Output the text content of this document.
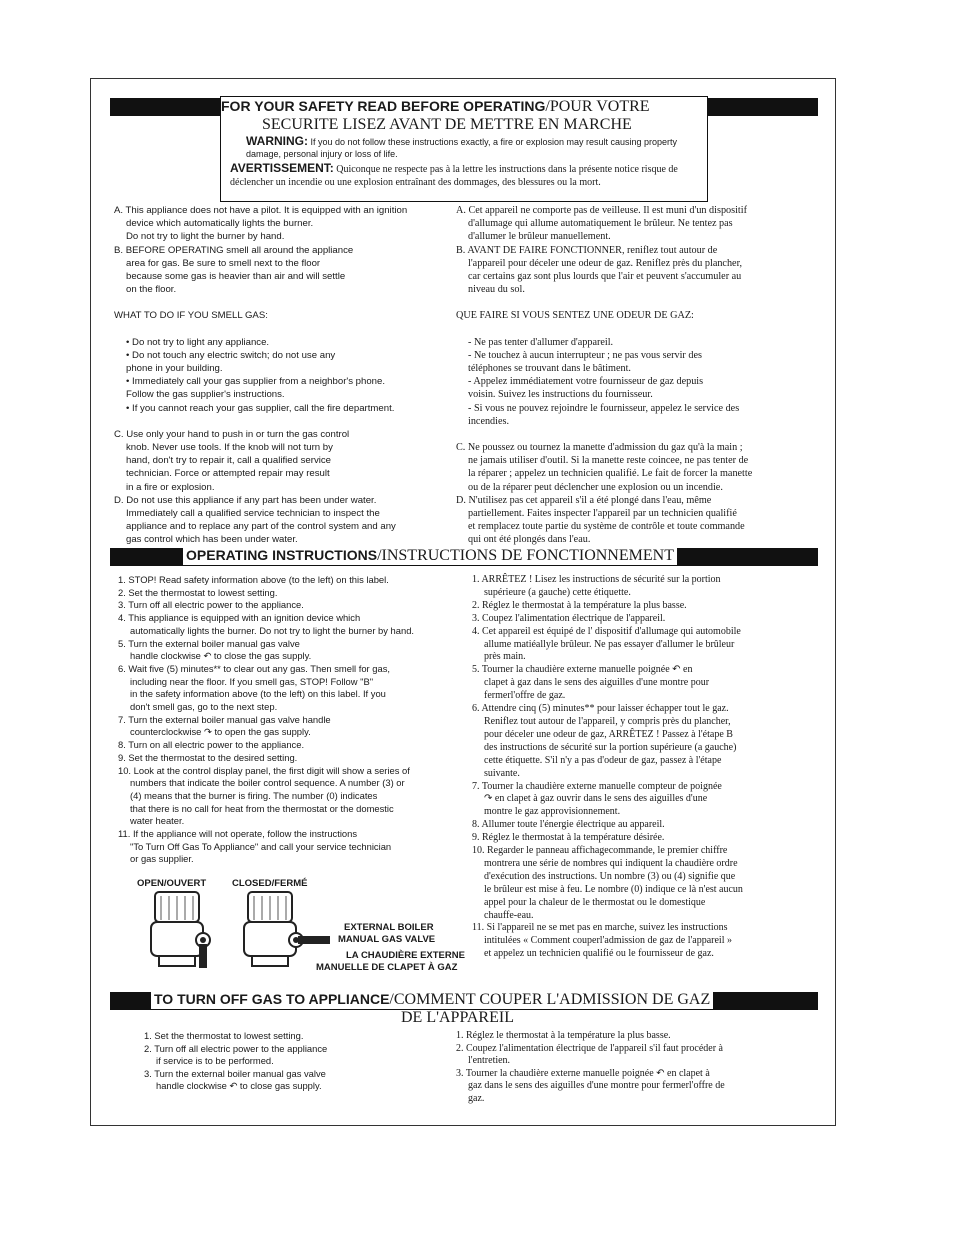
FOR YOUR SAFETY READ BEFORE OPERATING/POUR VOTRE
SECURITE LISEZ AVANT DE METTRE EN MARCHE
WARNING: If you do not follow these instructions exactly, a fire or explosion may result causing property damage, personal injury or loss of life.
AVERTISSEMENT: Quiconque ne respecte pas à la lettre les instructions dans la présente notice risque de déclencher un incendie ou une explosion entraînant des dommages, des blessures ou la mort.
A. This appliance does not have a pilot. It is equipped with an ignition
device which automatically lights the burner.
Do not try to light the burner by hand.
B. BEFORE OPERATING smell all around the appliance
area for gas. Be sure to smell next to the floor
because some gas is heavier than air and will settle
on the floor.
WHAT TO DO IF YOU SMELL GAS:
• Do not try to light any appliance.
• Do not touch any electric switch; do not use any
phone in your building.
• Immediately call your gas supplier from a neighbor's phone.
Follow the gas supplier's instructions.
• If you cannot reach your gas supplier, call the fire department.
C. Use only your hand to push in or turn the gas control
knob. Never use tools. If the knob will not turn by
hand, don't try to repair it, call a qualified service
technician. Force or attempted repair may result
in a fire or explosion.
D. Do not use this appliance if any part has been under water.
Immediately call a qualified service technician to inspect the
appliance and to replace any part of the control system and any
gas control which has been under water.
A. Cet appareil ne comporte pas de veilleuse. Il est muni d'un dispositif
d'allumage qui allume automatiquement le brûleur. Ne tentez pas
d'allumer le brûleur manuellement.
B. AVANT DE FAIRE FONCTIONNER, reniflez tout autour de
l'appareil pour déceler une odeur de gaz. Reniflez près du plancher,
car certains gaz sont plus lourds que l'air et peuvent s'accumuler au
niveau du sol.
QUE FAIRE SI VOUS SENTEZ UNE ODEUR DE GAZ:
- Ne pas tenter d'allumer d'appareil.
- Ne touchez à aucun interrupteur ; ne pas vous servir des
téléphones se trouvant dans le bâtiment.
- Appelez immédiatement votre fournisseur de gaz depuis
voisin. Suivez les instructions du fournisseur.
- Si vous ne pouvez rejoindre le fournisseur, appelez le service des
incendies.
C. Ne poussez ou tournez la manette d'admission du gaz qu'à la main ;
ne jamais utiliser d'outil. Si la manette reste coincee, ne pas tenter de
la réparer ; appelez un technicien qualifié. Le fait de forcer la manette
ou de la réparer peut déclencher une explosion ou un incendie.
D. N'utilisez pas cet appareil s'il a été plongé dans l'eau, même
partiellement. Faites inspecter l'appareil par un technicien qualifié
et remplacez toute partie du système de contrôle et toute commande
qui ont été plongés dans l'eau.
OPERATING INSTRUCTIONS/INSTRUCTIONS DE FONCTIONNEMENT
1. STOP! Read safety information above (to the left) on this label.
2. Set the thermostat to lowest setting.
3. Turn off all electric power to the appliance.
4. This appliance is equipped with an ignition device which
automatically lights the burner. Do not try to light the burner by hand.
5. Turn the external boiler manual gas valve
handle clockwise ↶ to close the gas supply.
6. Wait five (5) minutes** to clear out any gas. Then smell for gas,
including near the floor. If you smell gas, STOP! Follow "B"
in the safety information above (to the left) on this label. If you
don't smell gas, go to the next step.
7. Turn the external boiler manual gas valve handle
counterclockwise ↷ to open the gas supply.
8. Turn on all electric power to the appliance.
9. Set the thermostat to the desired setting.
10. Look at the control display panel, the first digit will show a series of
numbers that indicate the boiler control sequence. A number (3) or
(4) means that the burner is firing. The number (0) indicates
that there is no call for heat from the thermostat or the domestic
water heater.
11. If the appliance will not operate, follow the instructions
"To Turn Off Gas To Appliance" and call your service technician
or gas supplier.
1. ARRÊTEZ ! Lisez les instructions de sécurité sur la portion
supérieure (a gauche) cette étiquette.
2. Réglez le thermostat à la température la plus basse.
3. Coupez l'alimentation électrique de l'appareil.
4. Cet appareil est équipé de l' dispositif d'allumage qui automobile
allume matiéallyle brûleur. Ne pas essayer d'allumer le brûleur
près main.
5. Tourner la chaudière externe manuelle poignée ↶ en
clapet à gaz dans le sens des aiguilles d'une montre pour
fermerl'offre de gaz.
6. Attendre cinq (5) minutes** pour laisser échapper tout le gaz.
Reniflez tout autour de l'appareil, y compris près du plancher,
pour déceler une odeur de gaz, ARRÊTEZ ! Passez à l'étape B
des instructions de sécurité sur la portion supérieure (a gauche)
cette étiquette. S'il n'y a pas d'odeur de gaz, passez à l'étape
suivante.
7. Tourner la chaudière externe manuelle compteur de poignée
↷ en clapet à gaz ouvrir dans le sens des aiguilles d'une
montre le gaz approvisionnement.
8. Allumer toute l'énergie électrique au appareil.
9. Réglez le thermostat à la température désirée.
10. Regarder le panneau affichagecommande, le premier chiffre
montrera une série de nombres qui indiquent la chaudière ordre
d'exécution des instructions. Un nombre (3) ou (4) signifie que
le brûleur est mise à feu. Le nombre (0) indique ce là n'est aucun
appel pour la chaleur de le thermostat ou le domestique
chauffe-eau.
11. Si l'appareil ne se met pas en marche, suivez les instructions
intitulées « Comment couperl'admission de gaz de l'appareil »
et appelez un technicien qualifié ou le fournisseur de gaz.
OPEN/OUVERT	CLOSED/FERMÉ
EXTERNAL BOILER
MANUAL GAS VALVE
LA CHAUDIÈRE EXTERNE
MANUELLE DE CLAPET À GAZ
TO TURN OFF GAS TO APPLIANCE/COMMENT COUPER L'ADMISSION DE GAZ
DE L'APPAREIL
1. Set the thermostat to lowest setting.
2. Turn off all electric power to the appliance
if service is to be performed.
3. Turn the external boiler manual gas valve
handle clockwise ↶ to close gas supply.
1. Réglez le thermostat à la température la plus basse.
2. Coupez l'alimentation électrique de l'appareil s'il faut procéder à
l'entretien.
3. Tourner la chaudière externe manuelle poignée ↶ en clapet à
gaz dans le sens des aiguilles d'une montre pour fermerl'offre de
gaz.
